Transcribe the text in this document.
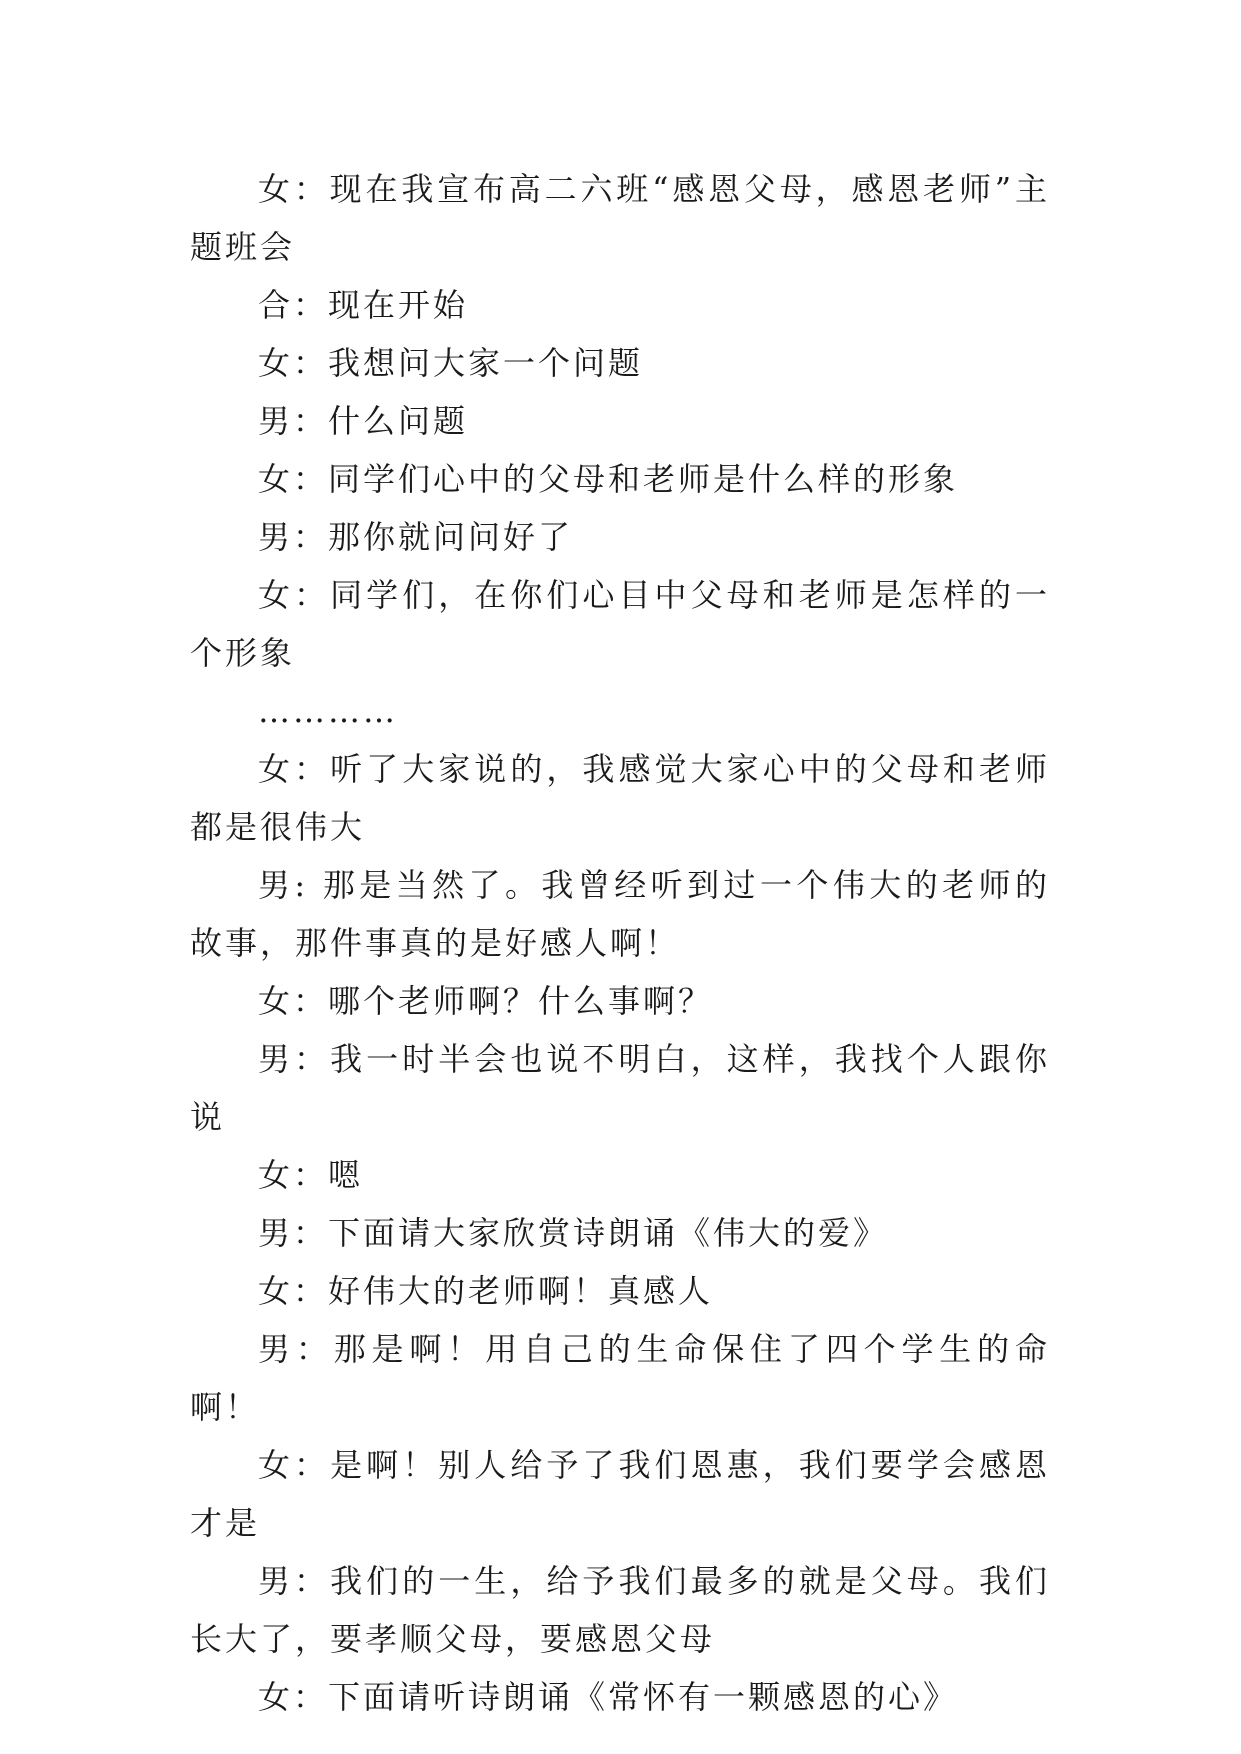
女：现在我宣布高二六班“感恩父母，感恩老师”主题班会

合：现在开始

女：我想问大家一个问题

男：什么问题

女：同学们心中的父母和老师是什么样的形象

男：那你就问问好了

女：同学们，在你们心目中父母和老师是怎样的一个形象

…………

女：听了大家说的，我感觉大家心中的父母和老师都是很伟大

男: 那是当然了。我曾经听到过一个伟大的老师的故事，那件事真的是好感人啊！

女：哪个老师啊？什么事啊？

男：我一时半会也说不明白，这样，我找个人跟你说

女：嗯

男：下面请大家欣赏诗朗诵《伟大的爱》

女：好伟大的老师啊！真感人

男：那是啊！用自己的生命保住了四个学生的命啊！

女：是啊！别人给予了我们恩惠，我们要学会感恩才是

男：我们的一生，给予我们最多的就是父母。我们长大了，要孝顺父母，要感恩父母

女：下面请听诗朗诵《常怀有一颗感恩的心》
